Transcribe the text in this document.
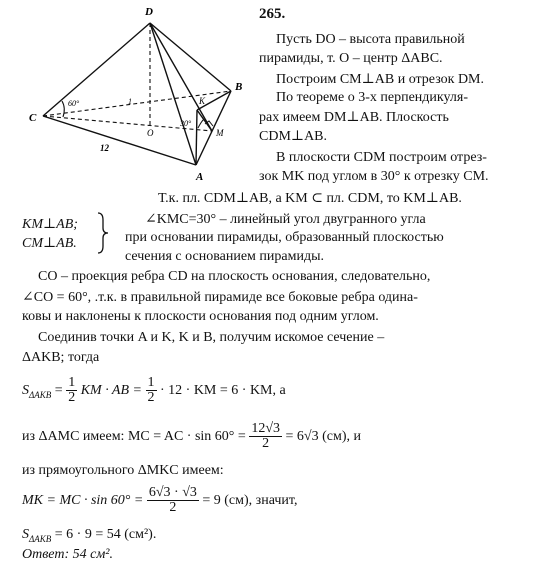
D
B
C
A
O
K
M
60°
30°
1
12
265.
Пусть DO – высота правильной
пирамиды, т. O – центр ΔABC.
Построим CM⊥AB и отрезок DM.
По теореме о 3-х перпендикуля-
рах имеем DM⊥AB. Плоскость
CDM⊥AB.
В плоскости CDM построим отрез-
зок MK под углом в 30° к отрезку CM.
Т.к. пл. CDM⊥AB, а KM ⊂ пл. CDM, то KM⊥AB.
KM⊥AB;
CM⊥AB.
∠KMC=30° – линейный угол двугранного угла
при основании пирамиды, образованный плоскостью
сечения с основанием пирамиды.
CO – проекция ребра CD на плоскость основания, следовательно,
∠CO = 60°, .т.к. в правильной пирамиде все боковые ребра одина-
ковы и наклонены к плоскости основания под одним углом.
Соединив точки A и K, K и B, получим искомое сечение –
ΔAKB; тогда
$S_{\Delta AKB} = \frac{1}{2}$ KM · AB = $\frac{1}{2} \cdot 12$ · KM = 6 · KM, а
из ΔAMC имеем: MC = AC · $\sin 60^\circ = \frac{12√3}{2} = 6√3$ (см), и
из прямоугольного ΔMKC имеем:
MK = MC · $\sin 60^\circ = \frac{6√3 \cdot √3}{2} = 9$ (см), значит,
$S_{\Delta AKB} = 6 \cdot 9 = 54$ (см²).
Ответ: 54 см².
